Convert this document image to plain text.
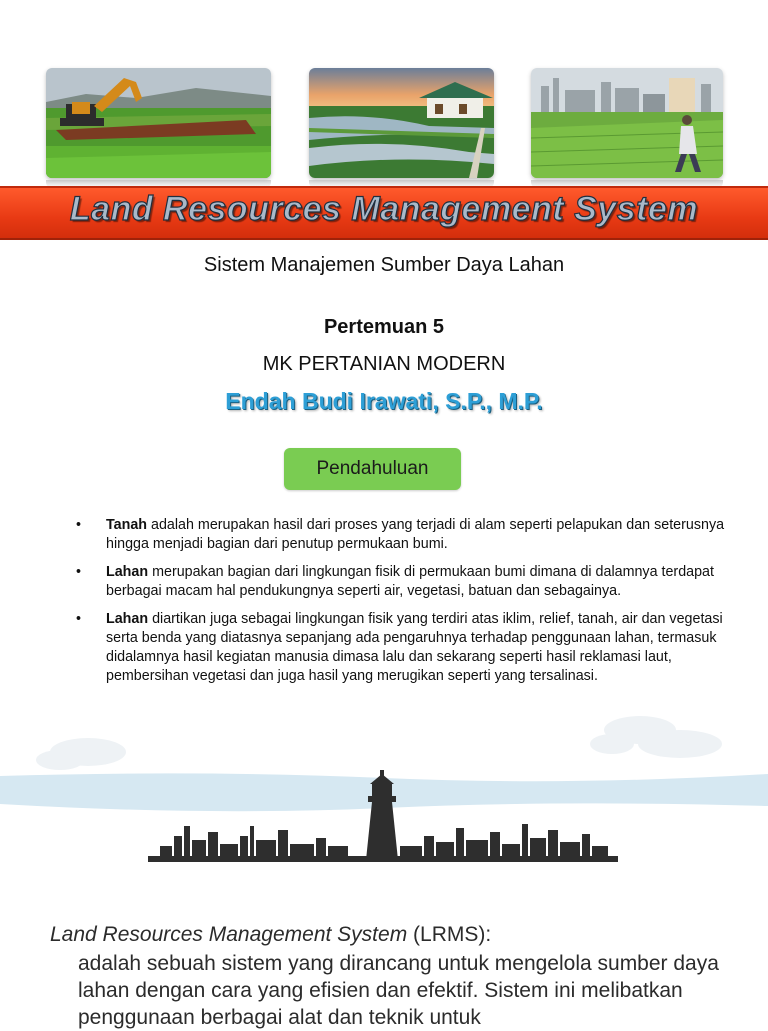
Land Resources Management System
Sistem Manajemen Sumber Daya Lahan
Pertemuan 5
MK PERTANIAN MODERN
Endah Budi Irawati, S.P., M.P.
Pendahuluan
• Tanah adalah merupakan hasil dari proses yang terjadi di alam seperti pelapukan dan seterusnya hingga menjadi bagian dari penutup permukaan bumi.
• Lahan merupakan bagian dari lingkungan fisik di permukaan bumi dimana di dalamnya terdapat berbagai macam hal pendukungnya seperti air, vegetasi, batuan dan sebagainya.
• Lahan diartikan juga sebagai lingkungan fisik yang terdiri atas iklim, relief, tanah, air dan vegetasi serta benda yang diatasnya sepanjang ada pengaruhnya terhadap penggunaan lahan, termasuk didalamnya hasil kegiatan manusia dimasa lalu dan sekarang seperti hasil reklamasi laut, pembersihan vegetasi dan juga hasil yang merugikan seperti yang tersalinasi.
Land Resources Management System (LRMS):
adalah sebuah sistem yang dirancang untuk mengelola sumber daya lahan dengan cara yang efisien dan efektif. Sistem ini melibatkan penggunaan berbagai alat dan teknik untuk
